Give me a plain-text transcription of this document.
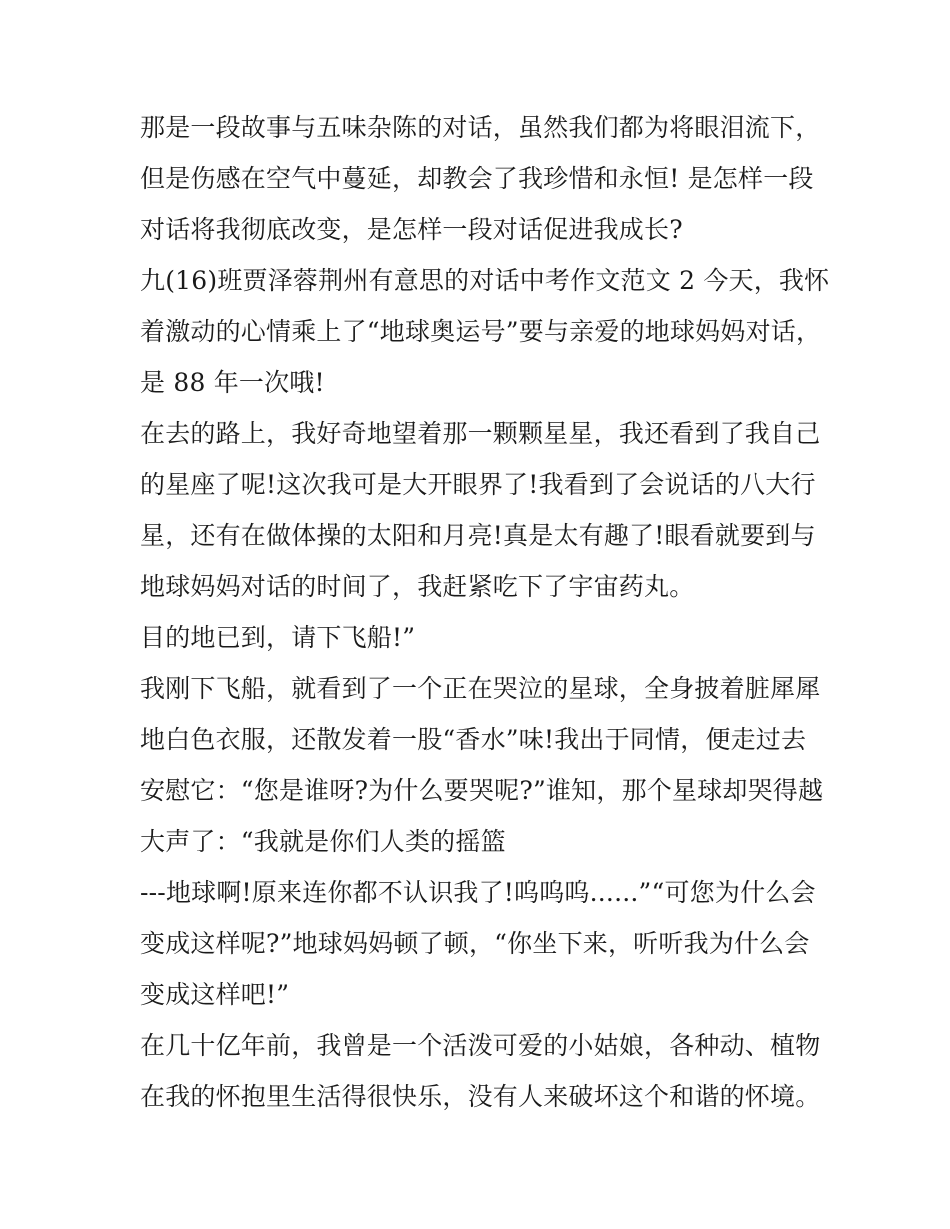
那是一段故事与五味杂陈的对话，虽然我们都为将眼泪流下，
但是伤感在空气中蔓延，却教会了我珍惜和永恒! 是怎样一段
对话将我彻底改变，是怎样一段对话促进我成长?
九(16)班贾泽蓉荆州有意思的对话中考作文范文 2 今天，我怀
着激动的心情乘上了“地球奥运号”要与亲爱的地球妈妈对话，
是 88 年一次哦!
在去的路上，我好奇地望着那一颗颗星星，我还看到了我自己
的星座了呢!这次我可是大开眼界了!我看到了会说话的八大行
星，还有在做体操的太阳和月亮!真是太有趣了!眼看就要到与
地球妈妈对话的时间了，我赶紧吃下了宇宙药丸。
目的地已到，请下飞船!”
我刚下飞船，就看到了一个正在哭泣的星球，全身披着脏犀犀
地白色衣服，还散发着一股“香水”味!我出于同情，便走过去
安慰它：“您是谁呀?为什么要哭呢?”谁知，那个星球却哭得越
大声了：“我就是你们人类的摇篮
---地球啊!原来连你都不认识我了!呜呜呜......”“可您为什么会
变成这样呢?”地球妈妈顿了顿，“你坐下来，听听我为什么会
变成这样吧!”
在几十亿年前，我曾是一个活泼可爱的小姑娘，各种动、植物
在我的怀抱里生活得很快乐，没有人来破坏这个和谐的怀境。
